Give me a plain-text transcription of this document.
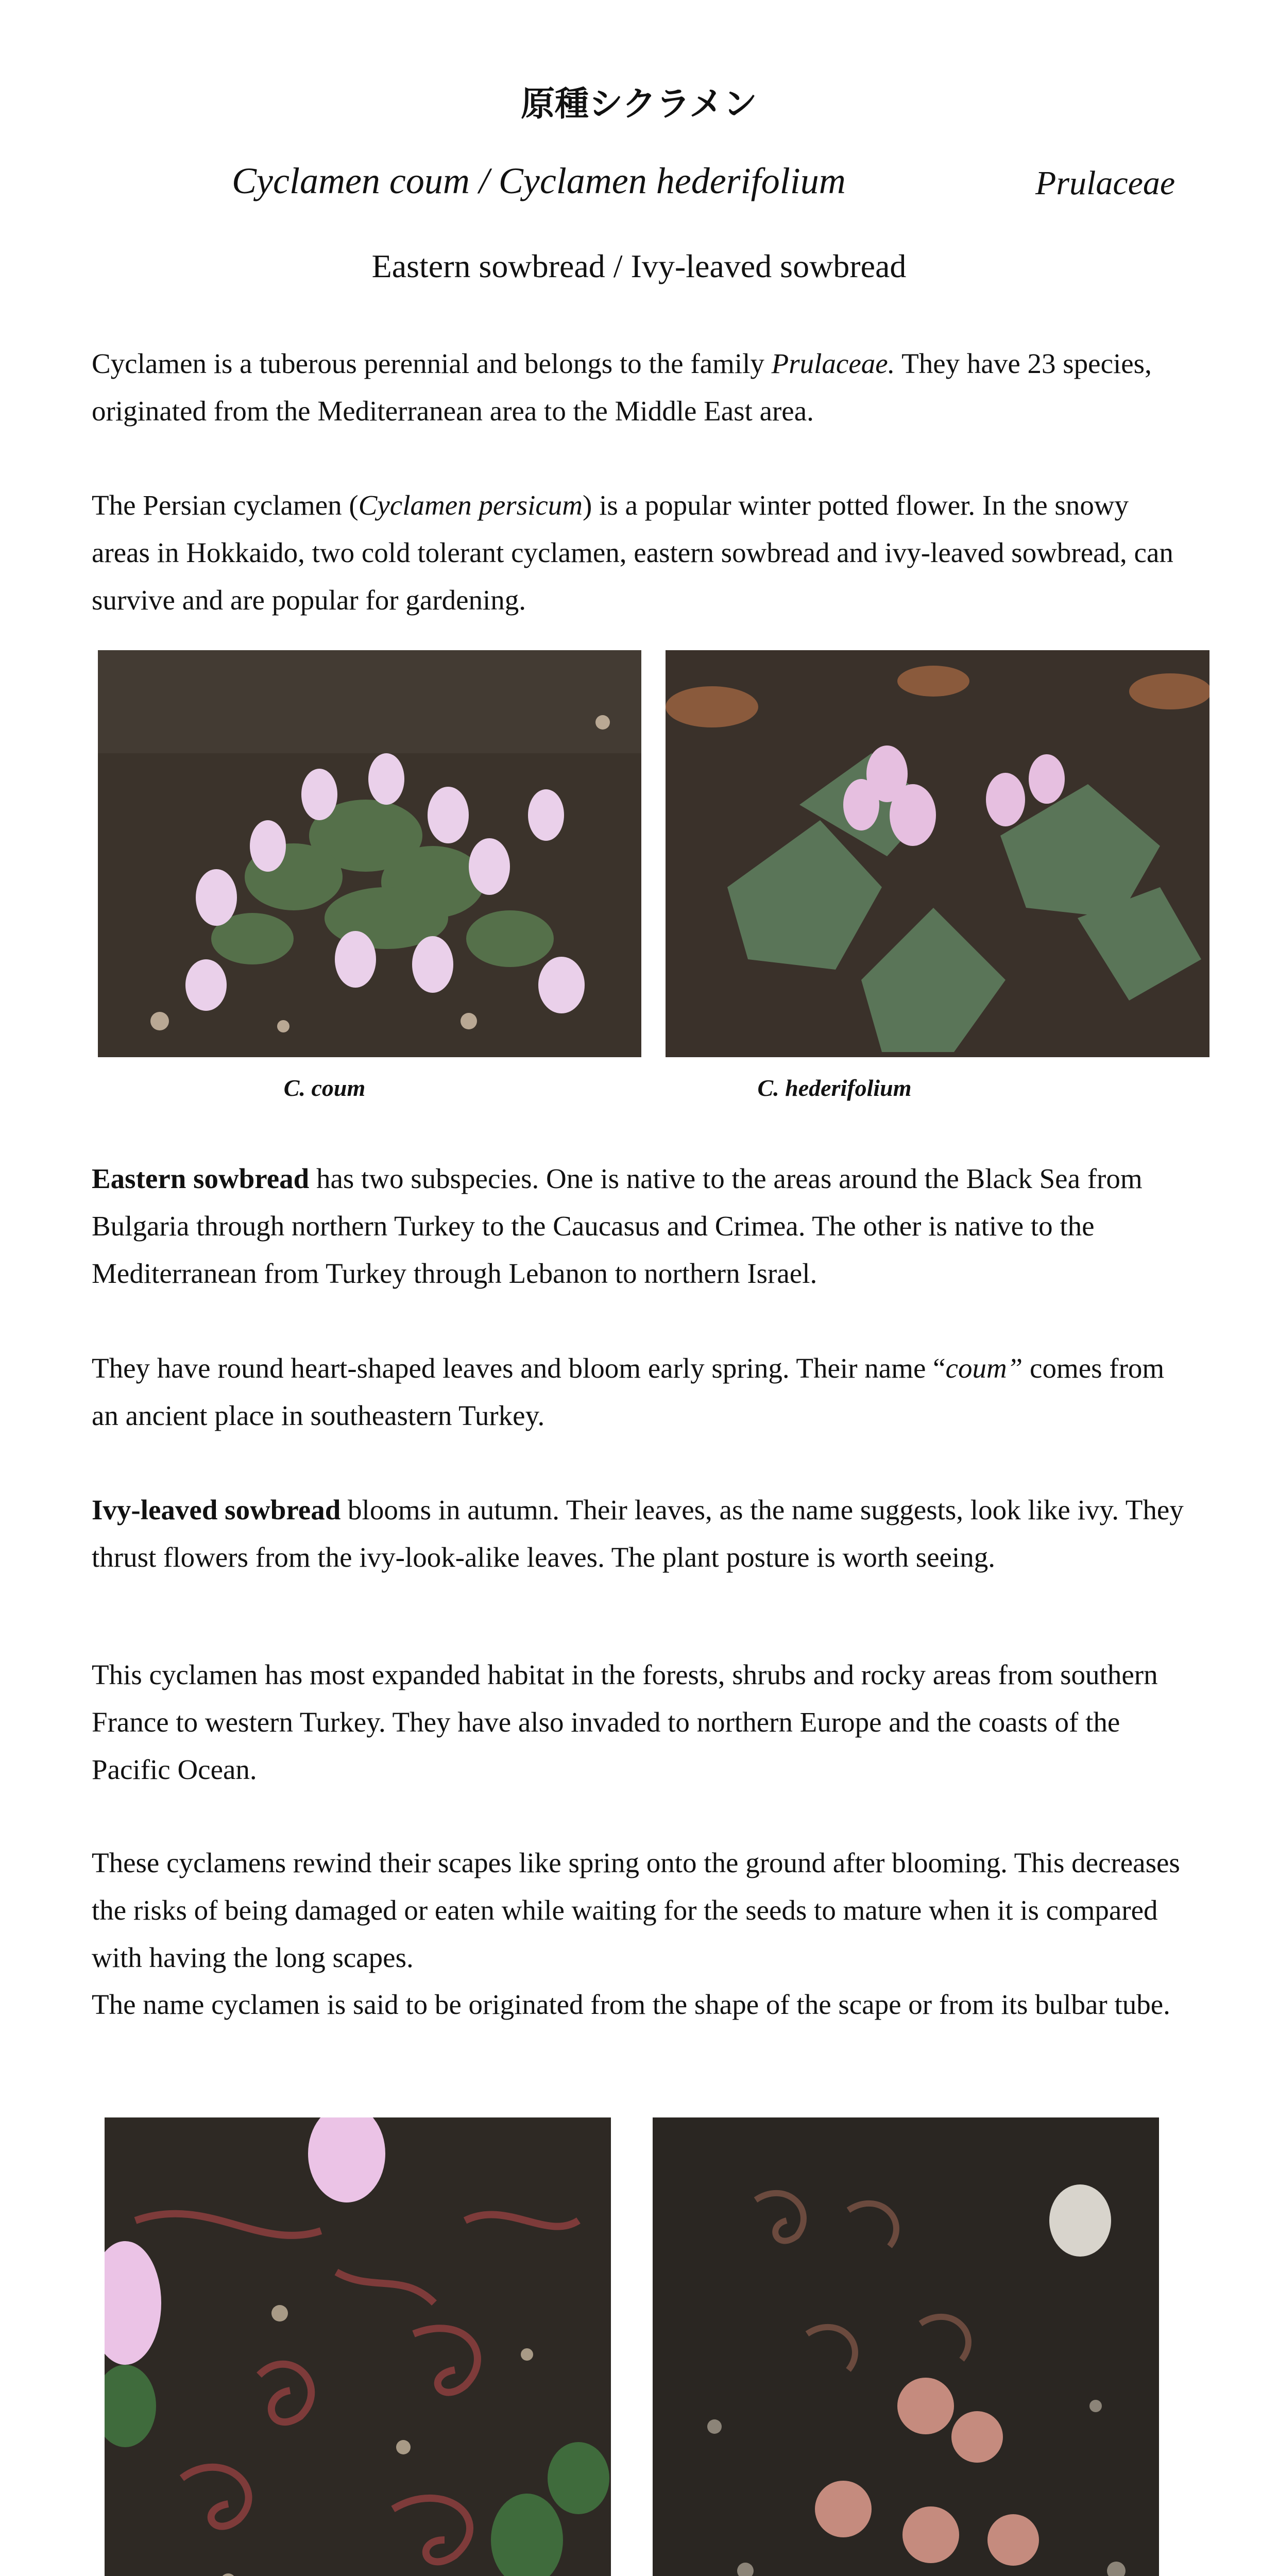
原種シクラメン

Cyclamen coum / Cyclamen hederifolium	Prulaceae

Eastern sowbread / Ivy-leaved sowbread

Cyclamen is a tuberous perennial and belongs to the family Prulaceae. They have 23 species, originated from the Mediterranean area to the Middle East area.

The Persian cyclamen (Cyclamen persicum) is a popular winter potted flower. In the snowy areas in Hokkaido, two cold tolerant cyclamen, eastern sowbread and ivy-leaved sowbread, can survive and are popular for gardening.

C. coum	C. hederifolium

Eastern sowbread has two subspecies. One is native to the areas around the Black Sea from Bulgaria through northern Turkey to the Caucasus and Crimea. The other is native to the Mediterranean from Turkey through Lebanon to northern Israel.

They have round heart-shaped leaves and bloom early spring. Their name “coum” comes from an ancient place in southeastern Turkey.

Ivy-leaved sowbread blooms in autumn. Their leaves, as the name suggests, look like ivy. They thrust flowers from the ivy-look-alike leaves. The plant posture is worth seeing.

This cyclamen has most expanded habitat in the forests, shrubs and rocky areas from southern France to western Turkey. They have also invaded to northern Europe and the coasts of the Pacific Ocean.

These cyclamens rewind their scapes like spring onto the ground after blooming. This decreases the risks of being damaged or eaten while waiting for the seeds to mature when it is compared with having the long scapes.

The name cyclamen is said to be originated from the shape of the scape or from its bulbar tube.
